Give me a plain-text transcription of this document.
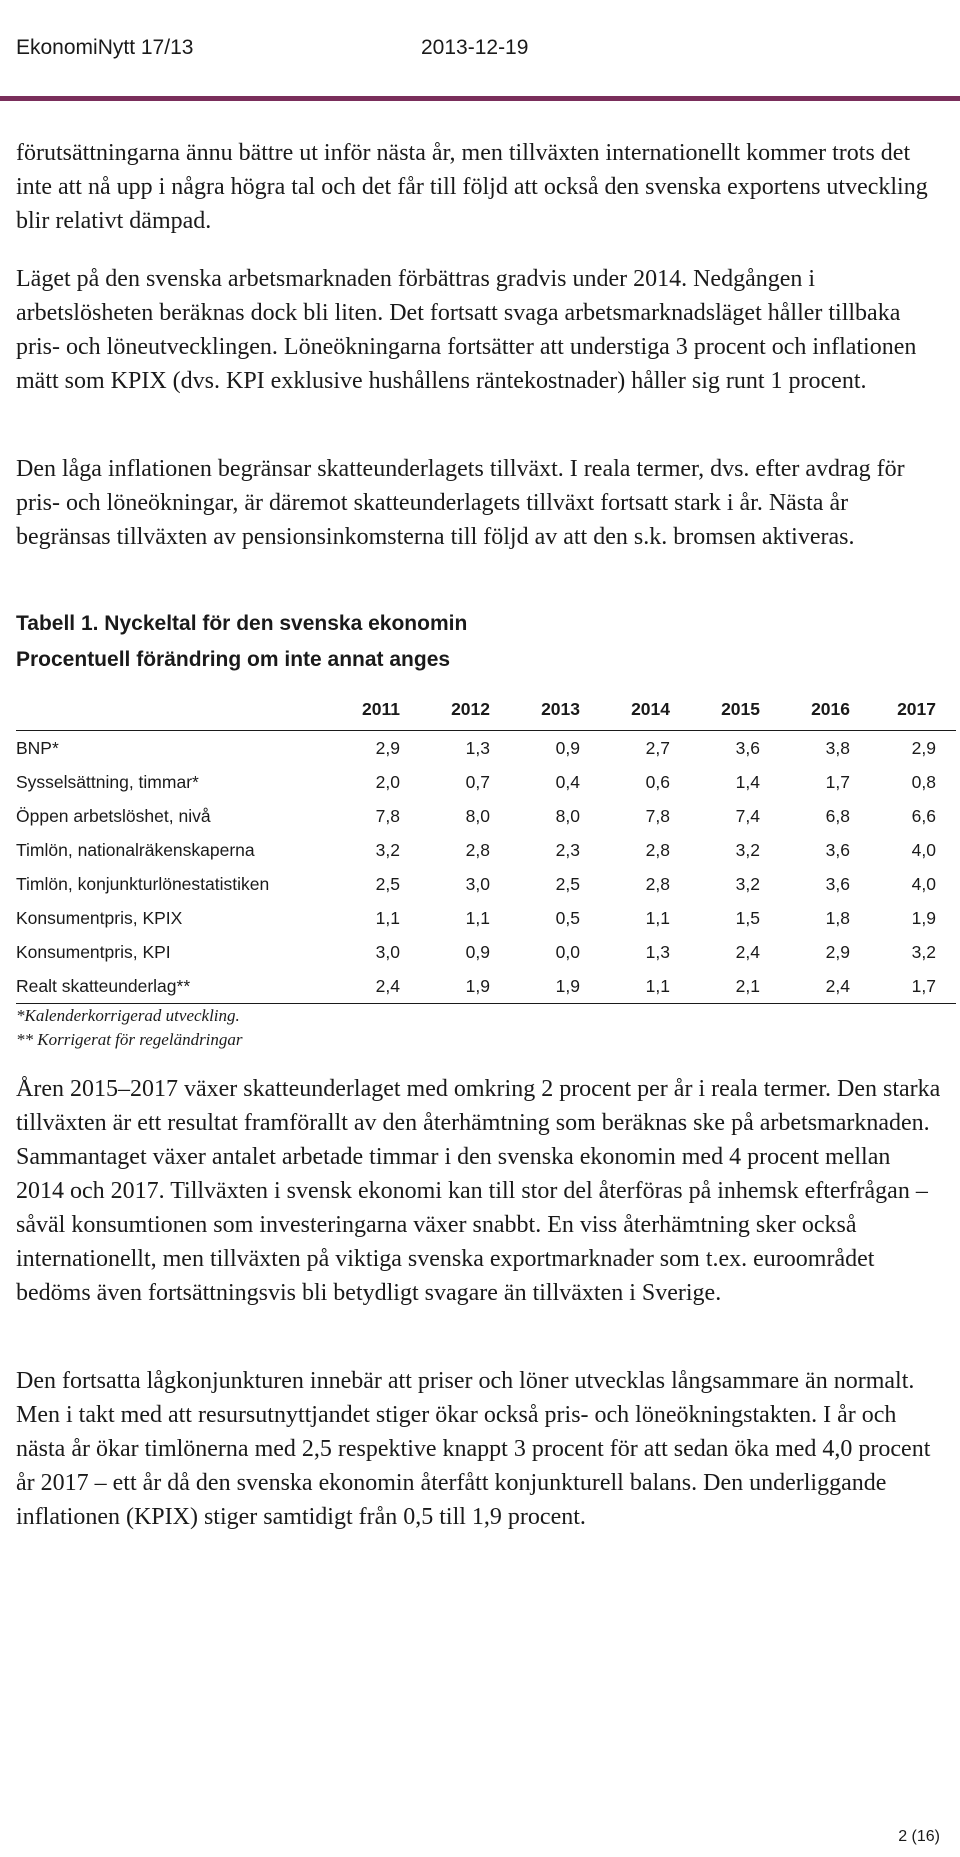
EkonomiNytt 17/13	2013-12-19

förutsättningarna ännu bättre ut inför nästa år, men tillväxten internationellt kommer trots det inte att nå upp i några högra tal och det får till följd att också den svenska exportens utveckling blir relativt dämpad.

Läget på den svenska arbetsmarknaden förbättras gradvis under 2014. Nedgången i arbetslösheten beräknas dock bli liten. Det fortsatt svaga arbetsmarknadsläget håller tillbaka pris- och löneutvecklingen. Löneökningarna fortsätter att understiga 3 procent och inflationen mätt som KPIX (dvs. KPI exklusive hushållens räntekostnader) håller sig runt 1 procent.

Den låga inflationen begränsar skatteunderlagets tillväxt. I reala termer, dvs. efter avdrag för pris- och löneökningar, är däremot skatteunderlagets tillväxt fortsatt stark i år. Nästa år begränsas tillväxten av pensionsinkomsterna till följd av att den s.k. bromsen aktiveras.

Tabell 1. Nyckeltal för den svenska ekonomin
Procentuell förändring om inte annat anges
	2011	2012	2013	2014	2015	2016	2017
BNP*	2,9	1,3	0,9	2,7	3,6	3,8	2,9
Sysselsättning, timmar*	2,0	0,7	0,4	0,6	1,4	1,7	0,8
Öppen arbetslöshet, nivå	7,8	8,0	8,0	7,8	7,4	6,8	6,6
Timlön, nationalräkenskaperna	3,2	2,8	2,3	2,8	3,2	3,6	4,0
Timlön, konjunkturlönestatistiken	2,5	3,0	2,5	2,8	3,2	3,6	4,0
Konsumentpris, KPIX	1,1	1,1	0,5	1,1	1,5	1,8	1,9
Konsumentpris, KPI	3,0	0,9	0,0	1,3	2,4	2,9	3,2
Realt skatteunderlag**	2,4	1,9	1,9	1,1	2,1	2,4	1,7
*Kalenderkorrigerad utveckling.
** Korrigerat för regeländringar

Åren 2015–2017 växer skatteunderlaget med omkring 2 procent per år i reala termer. Den starka tillväxten är ett resultat framförallt av den återhämtning som beräknas ske på arbetsmarknaden. Sammantaget växer antalet arbetade timmar i den svenska ekonomin med 4 procent mellan 2014 och 2017. Tillväxten i svensk ekonomi kan till stor del återföras på inhemsk efterfrågan – såväl konsumtionen som investeringarna växer snabbt. En viss återhämtning sker också internationellt, men tillväxten på viktiga svenska exportmarknader som t.ex. euroområdet bedöms även fortsättningsvis bli betydligt svagare än tillväxten i Sverige.

Den fortsatta lågkonjunkturen innebär att priser och löner utvecklas långsammare än normalt. Men i takt med att resursutnyttjandet stiger ökar också pris- och löneökningstakten. I år och nästa år ökar timlönerna med 2,5 respektive knappt 3 procent för att sedan öka med 4,0 procent år 2017 – ett år då den svenska ekonomin återfått konjunkturell balans. Den underliggande inflationen (KPIX) stiger samtidigt från 0,5 till 1,9 procent.

2 (16)
